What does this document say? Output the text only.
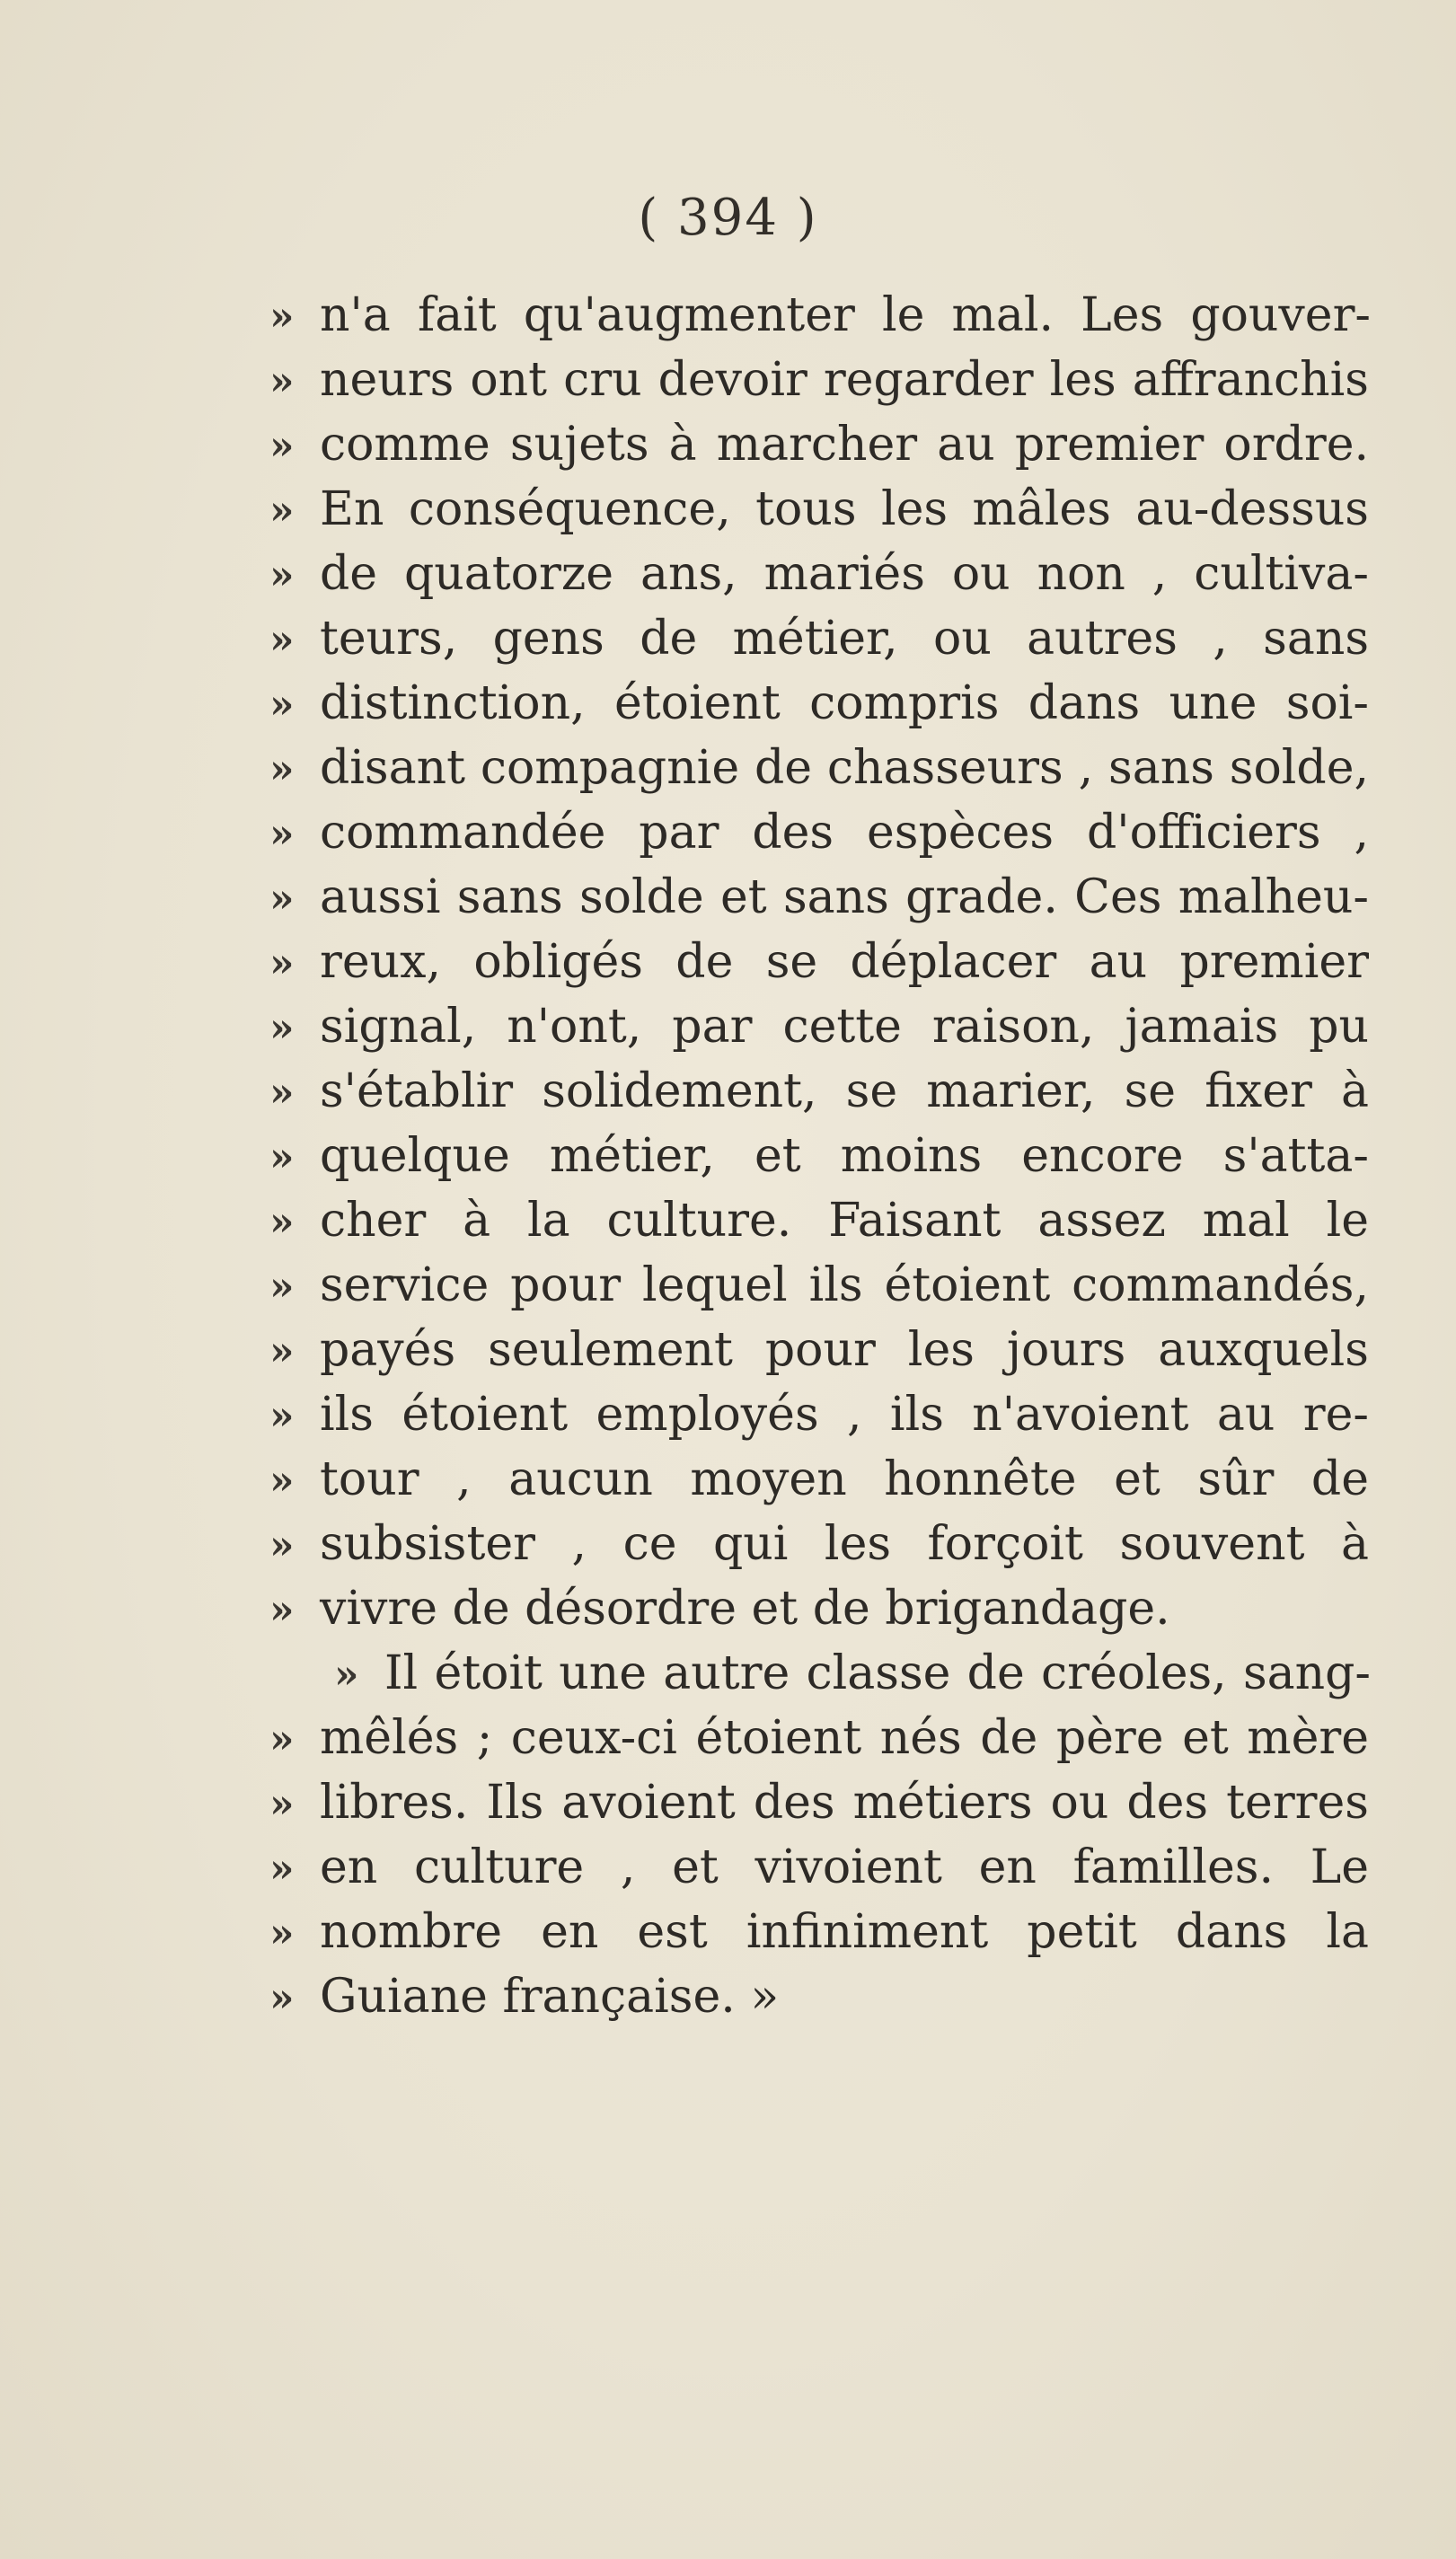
( 394 )
» n'a fait qu'augmenter le mal. Les gouver-
» neurs ont cru devoir regarder les affranchis
» comme sujets à marcher au premier ordre.
» En conséquence, tous les mâles au-dessus
» de quatorze ans, mariés ou non , cultiva-
» teurs, gens de métier, ou autres , sans
» distinction, étoient compris dans une soi-
» disant compagnie de chasseurs , sans solde,
» commandée par des espèces d'officiers ,
» aussi sans solde et sans grade. Ces malheu-
» reux, obligés de se déplacer au premier
» signal, n'ont, par cette raison, jamais pu
» s'établir solidement, se marier, se fixer à
» quelque métier, et moins encore s'atta-
» cher à la culture. Faisant assez mal le
» service pour lequel ils étoient commandés,
» payés seulement pour les jours auxquels
» ils étoient employés , ils n'avoient au re-
» tour , aucun moyen honnête et sûr de
» subsister , ce qui les forçoit souvent à
» vivre de désordre et de brigandage.
» Il étoit une autre classe de créoles, sang-
» mêlés ; ceux-ci étoient nés de père et mère
» libres. Ils avoient des métiers ou des terres
» en culture , et vivoient en familles. Le
» nombre en est infiniment petit dans la
» Guiane française. »
